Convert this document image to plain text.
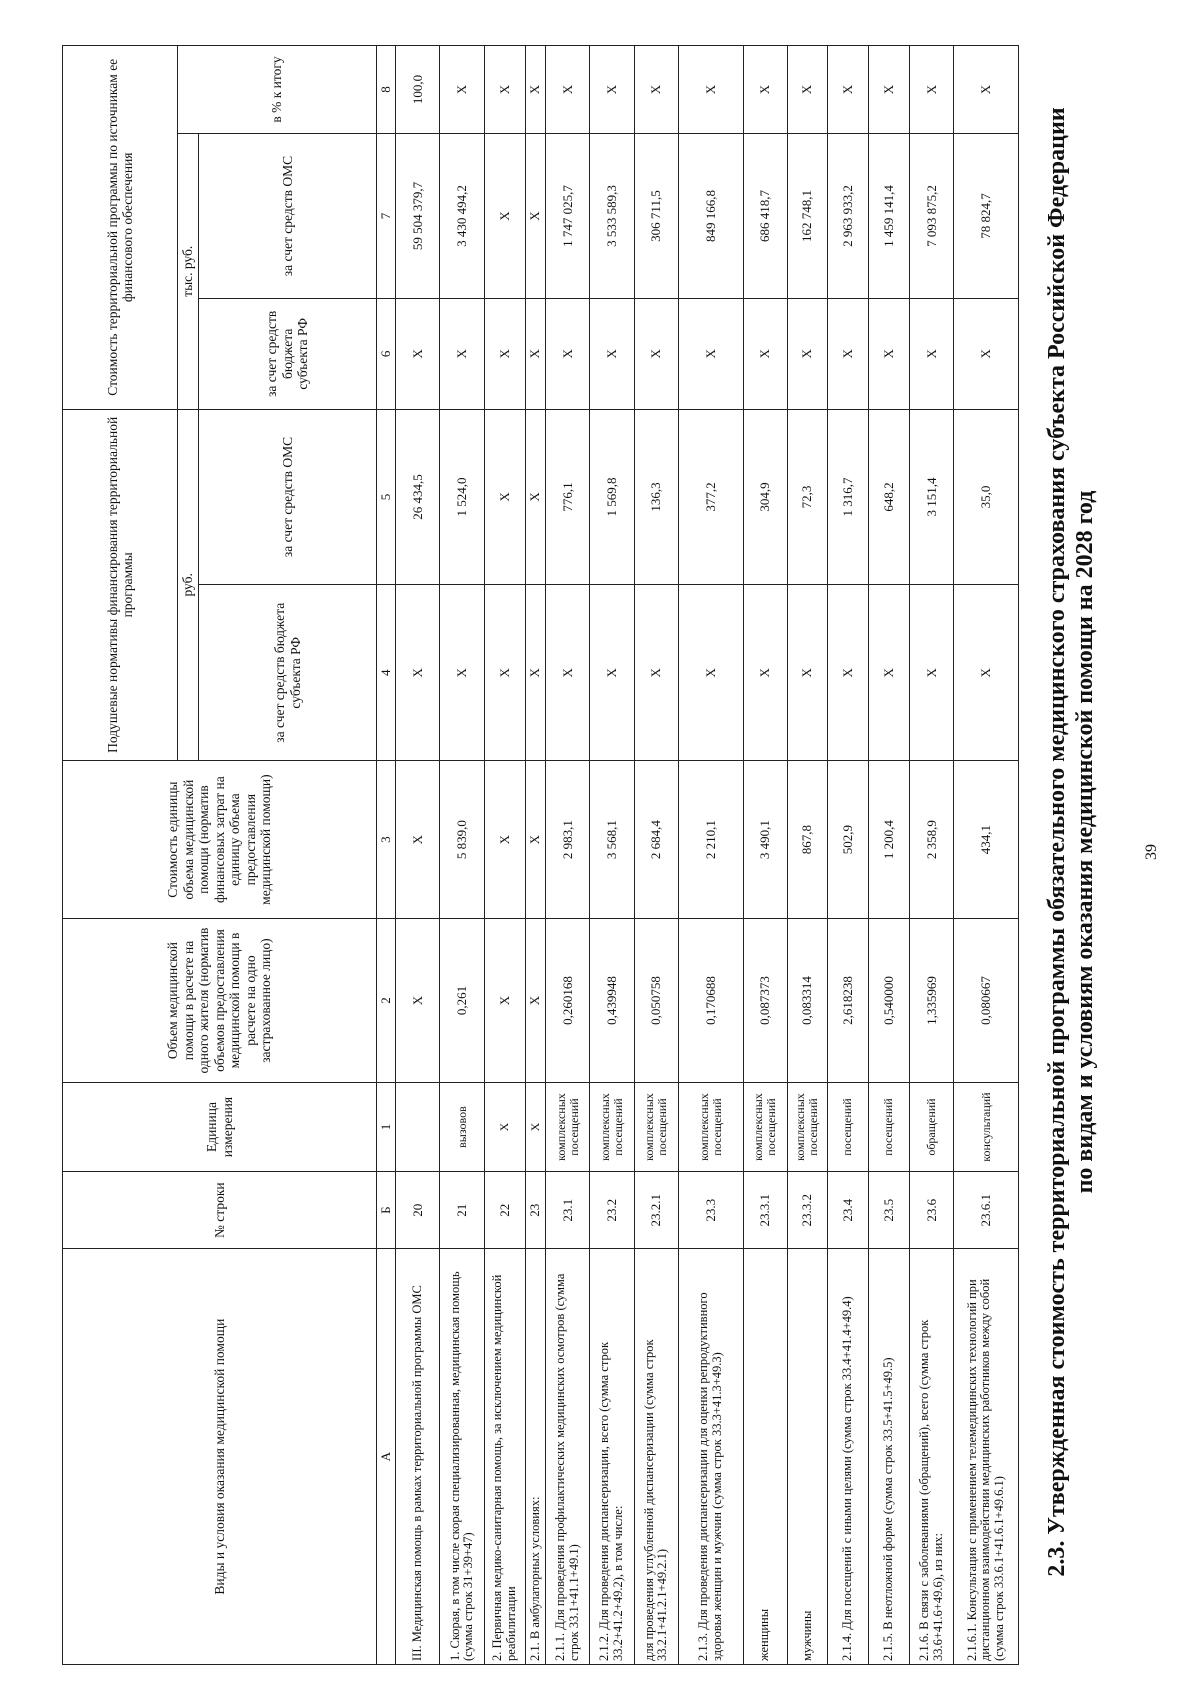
2.3. Утвержденная стоимость территориальной программы обязательного медицинского страхования субъекта Российской Федерации по видам и условиям оказания медицинской помощи на 2028 год
Виды и условия оказания медицинской помощи	№ строки	Единица измерения	Объем медицинской помощи в расчете на одного жителя (норматив объемов предоставления медицинской помощи в расчете на одно застрахованное лицо)	Стоимость единицы объема медицинской помощи (норматив финансовых затрат на единицу объема предоставления медицинской помощи)	Подушевые нормативы финансирования территориальной программы		Стоимость территориальной программы по источникам ее финансового обеспечения		
					руб.		тыс. руб.		в % к итогу
					за счет средств бюджета субъекта РФ	за счет средств ОМС	за счет средств бюджета субъекта РФ	за счет средств ОМС	
А	Б	1	2	3	4	5	6	7	8
III. Медицинская помощь в рамках территориальной программы ОМС	20		Х	Х	Х	26 434,5	Х	59 504 379,7	100,0
1. Скорая, в том числе скорая специализированная, медицинская помощь (сумма строк 31+39+47)	21	вызовов	0,261	5 839,0	Х	1 524,0	Х	3 430 494,2	Х
2. Первичная медико-санитарная помощь, за исключением медицинской реабилитации	22	Х	Х	Х	Х	Х	Х	Х	Х
2.1. В амбулаторных условиях:	23	Х	Х	Х	Х	Х	Х	Х	Х
2.1.1. Для проведения профилактических медицинских осмотров (сумма строк 33.1+41.1+49.1)	23.1	комплексных посещений	0,260168	2 983,1	Х	776,1	Х	1 747 025,7	Х
2.1.2. Для проведения диспансеризации, всего (сумма строк 33.2+41.2+49.2), в том числе:	23.2	комплексных посещений	0,439948	3 568,1	Х	1 569,8	Х	3 533 589,3	Х
для проведения углубленной диспансеризации (сумма строк 33.2.1+41.2.1+49.2.1)	23.2.1	комплексных посещений	0,050758	2 684,4	Х	136,3	Х	306 711,5	Х
2.1.3. Для проведения диспансеризации для оценки репродуктивного здоровья женщин и мужчин (сумма строк 33.3+41.3+49.3)	23.3	комплексных посещений	0,170688	2 210,1	Х	377,2	Х	849 166,8	Х
женщины	23.3.1	комплексных посещений	0,087373	3 490,1	Х	304,9	Х	686 418,7	Х
мужчины	23.3.2	комплексных посещений	0,083314	867,8	Х	72,3	Х	162 748,1	Х
2.1.4. Для посещений с иными целями (сумма строк 33.4+41.4+49.4)	23.4	посещений	2,618238	502,9	Х	1 316,7	Х	2 963 933,2	Х
2.1.5. В неотложной форме (сумма строк 33.5+41.5+49.5)	23.5	посещений	0,540000	1 200,4	Х	648,2	Х	1 459 141,4	Х
2.1.6. В связи с заболеваниями (обращений), всего (сумма строк 33.6+41.6+49.6), из них:	23.6	обращений	1,335969	2 358,9	Х	3 151,4	Х	7 093 875,2	Х
2.1.6.1. Консультация с применением телемедицинских технологий при дистанционном взаимодействии медицинских работников между собой (сумма строк 33.6.1+41.6.1+49.6.1)	23.6.1	консультаций	0,080667	434,1	Х	35,0	Х	78 824,7	Х
39
